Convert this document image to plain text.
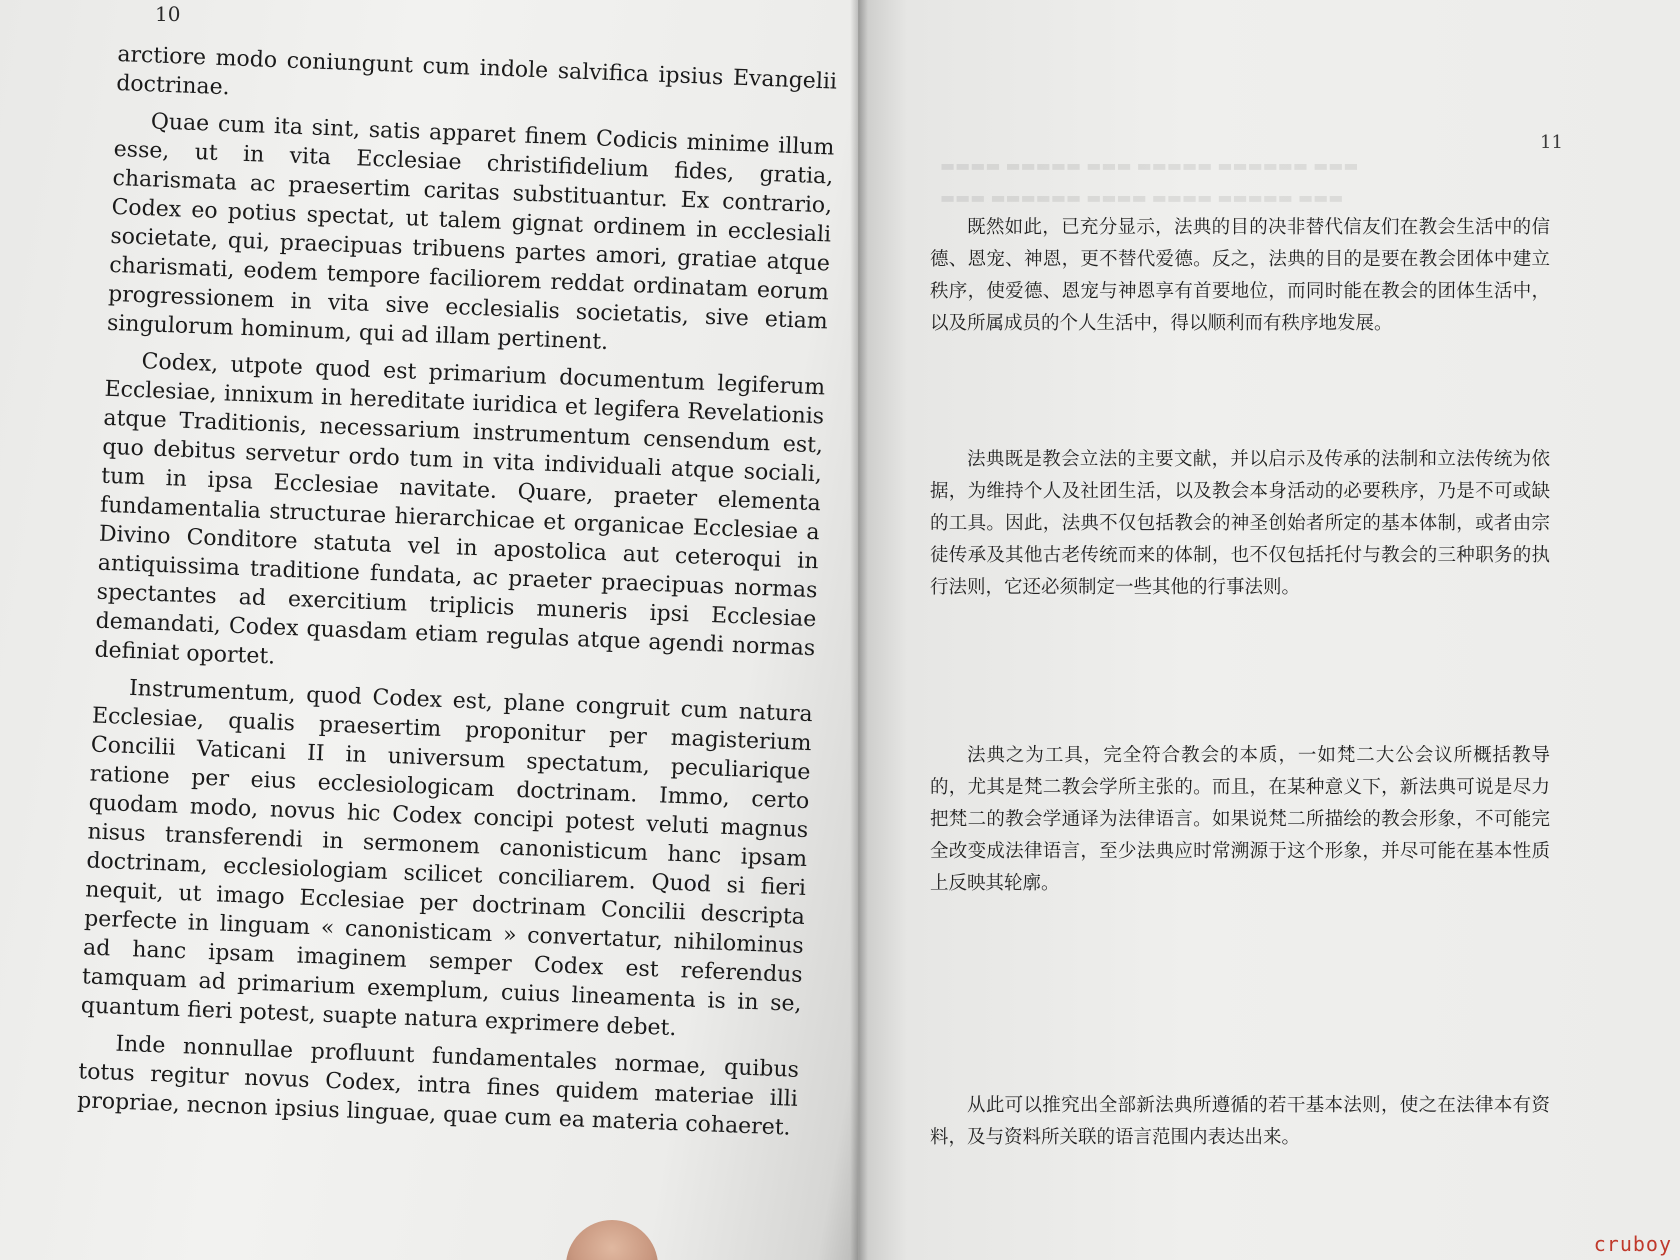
10

arctiore modo coniungunt cum indole salvifica ipsius Evangelii doctrinae.

Quae cum ita sint, satis apparet finem Codicis minime illum esse, ut in vita Ecclesiae christifidelium fides, gratia, charismata ac praesertim caritas substituantur. Ex contrario, Codex eo potius spectat, ut talem gignat ordinem in ecclesiali societate, qui, praecipuas tribuens partes amori, gratiae atque charismati, eodem tempore faciliorem reddat ordinatam eorum progressionem in vita sive ecclesialis societatis, sive etiam singulorum hominum, qui ad illam pertinent.

Codex, utpote quod est primarium documentum legiferum Ecclesiae, innixum in hereditate iuridica et legifera Revelationis atque Traditionis, necessarium instrumentum censendum est, quo debitus servetur ordo tum in vita individuali atque sociali, tum in ipsa Ecclesiae navitate. Quare, praeter elementa fundamentalia structurae hierarchicae et organicae Ecclesiae a Divino Conditore statuta vel in apostolica aut ceteroqui in antiquissima traditione fundata, ac praeter praecipuas normas spectantes ad exercitium triplicis muneris ipsi Ecclesiae demandati, Codex quasdam etiam regulas atque agendi normas definiat oportet.

Instrumentum, quod Codex est, plane congruit cum natura Ecclesiae, qualis praesertim proponitur per magisterium Concilii Vaticani II in universum spectatum, peculiarique ratione per eius ecclesiologicam doctrinam. Immo, certo quodam modo, novus hic Codex concipi potest veluti magnus nisus transferendi in sermonem canonisticum hanc ipsam doctrinam, ecclesiologiam scilicet conciliarem. Quod si fieri nequit, ut imago Ecclesiae per doctrinam Concilii descripta perfecte in linguam « canonisticam » convertatur, nihilominus ad hanc ipsam imaginem semper Codex est referendus tamquam ad primarium exemplum, cuius lineamenta is in se, quantum fieri potest, suapte natura exprimere debet.

Inde nonnullae profluunt fundamentales normae, quibus totus regitur novus Codex, intra fines quidem materiae illi propriae, necnon ipsius linguae, quae cum ea materia cohaeret.

11

既然如此，已充分显示，法典的目的决非替代信友们在教会生活中的信德、恩宠、神恩，更不替代爱德。反之，法典的目的是要在教会团体中建立秩序，使爱德、恩宠与神恩享有首要地位，而同时能在教会的团体生活中，以及所属成员的个人生活中，得以顺利而有秩序地发展。

法典既是教会立法的主要文献，并以启示及传承的法制和立法传统为依据，为维持个人及社团生活，以及教会本身活动的必要秩序，乃是不可或缺的工具。因此，法典不仅包括教会的神圣创始者所定的基本体制，或者由宗徒传承及其他古老传统而来的体制，也不仅包括托付与教会的三种职务的执行法则，它还必须制定一些其他的行事法则。

法典之为工具，完全符合教会的本质，一如梵二大公会议所概括教导的，尤其是梵二教会学所主张的。而且，在某种意义下，新法典可说是尽力把梵二的教会学通译为法律语言。如果说梵二所描绘的教会形象，不可能完全改变成法律语言，至少法典应时常溯源于这个形象，并尽可能在基本性质上反映其轮廓。

从此可以推究出全部新法典所遵循的若干基本法则，使之在法律本有资料，及与资料所关联的语言范围内表达出来。

cruboy
